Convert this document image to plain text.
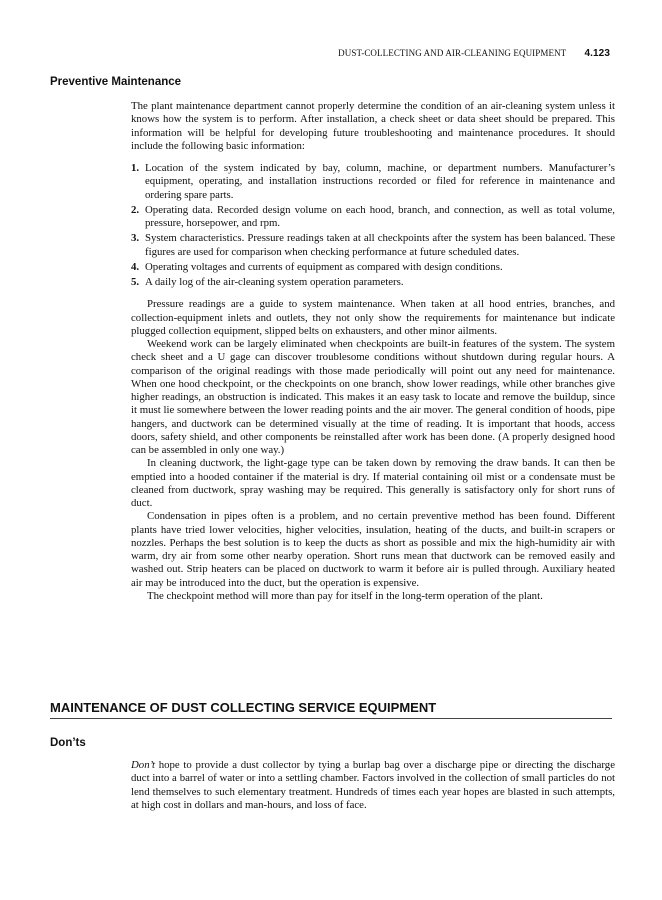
DUST-COLLECTING AND AIR-CLEANING EQUIPMENT 4.123
Preventive Maintenance

The plant maintenance department cannot properly determine the condition of an air-cleaning system unless it knows how the system is to perform. After installation, a check sheet or data sheet should be prepared. This information will be helpful for developing future troubleshooting and maintenance procedures. It should include the following basic information:

1. Location of the system indicated by bay, column, machine, or department numbers. Manufacturer’s equipment, operating, and installation instructions recorded or filed for reference in maintenance and ordering spare parts.
2. Operating data. Recorded design volume on each hood, branch, and connection, as well as total volume, pressure, horsepower, and rpm.
3. System characteristics. Pressure readings taken at all checkpoints after the system has been balanced. These figures are used for comparison when checking performance at future scheduled dates.
4. Operating voltages and currents of equipment as compared with design conditions.
5. A daily log of the air-cleaning system operation parameters.

Pressure readings are a guide to system maintenance. When taken at all hood entries, branches, and collection-equipment inlets and outlets, they not only show the requirements for maintenance but indicate plugged collection equipment, slipped belts on exhausters, and other minor ailments.

Weekend work can be largely eliminated when checkpoints are built-in features of the system. The system check sheet and a U gage can discover troublesome conditions without shutdown during regular hours. A comparison of the original readings with those made periodically will point out any need for maintenance. When one hood checkpoint, or the checkpoints on one branch, show lower readings, while other branches give higher readings, an obstruction is indicated. This makes it an easy task to locate and remove the buildup, since it must lie somewhere between the lower reading points and the air mover. The general condition of hoods, pipe hangers, and ductwork can be determined visually at the time of reading. It is important that hoods, access doors, safety shield, and other components be reinstalled after work has been done. (A properly designed hood can be assembled in only one way.)

In cleaning ductwork, the light-gage type can be taken down by removing the draw bands. It can then be emptied into a hooded container if the material is dry. If material containing oil mist or a condensate must be cleaned from ductwork, spray washing may be required. This generally is satisfactory only for short runs of duct.

Condensation in pipes often is a problem, and no certain preventive method has been found. Different plants have tried lower velocities, higher velocities, insulation, heating of the ducts, and built-in scrapers or nozzles. Perhaps the best solution is to keep the ducts as short as possible and mix the high-humidity air with warm, dry air from some other nearby operation. Short runs mean that ductwork can be removed easily and washed out. Strip heaters can be placed on ductwork to warm it before air is pulled through. Auxiliary heated air may be introduced into the duct, but the operation is expensive.

The checkpoint method will more than pay for itself in the long-term operation of the plant.

MAINTENANCE OF DUST COLLECTING SERVICE EQUIPMENT
Don’ts

Don’t hope to provide a dust collector by tying a burlap bag over a discharge pipe or directing the discharge duct into a barrel of water or into a settling chamber. Factors involved in the collection of small particles do not lend themselves to such elementary treatment. Hundreds of times each year hopes are blasted in such attempts, at high cost in dollars and man-hours, and loss of face.
